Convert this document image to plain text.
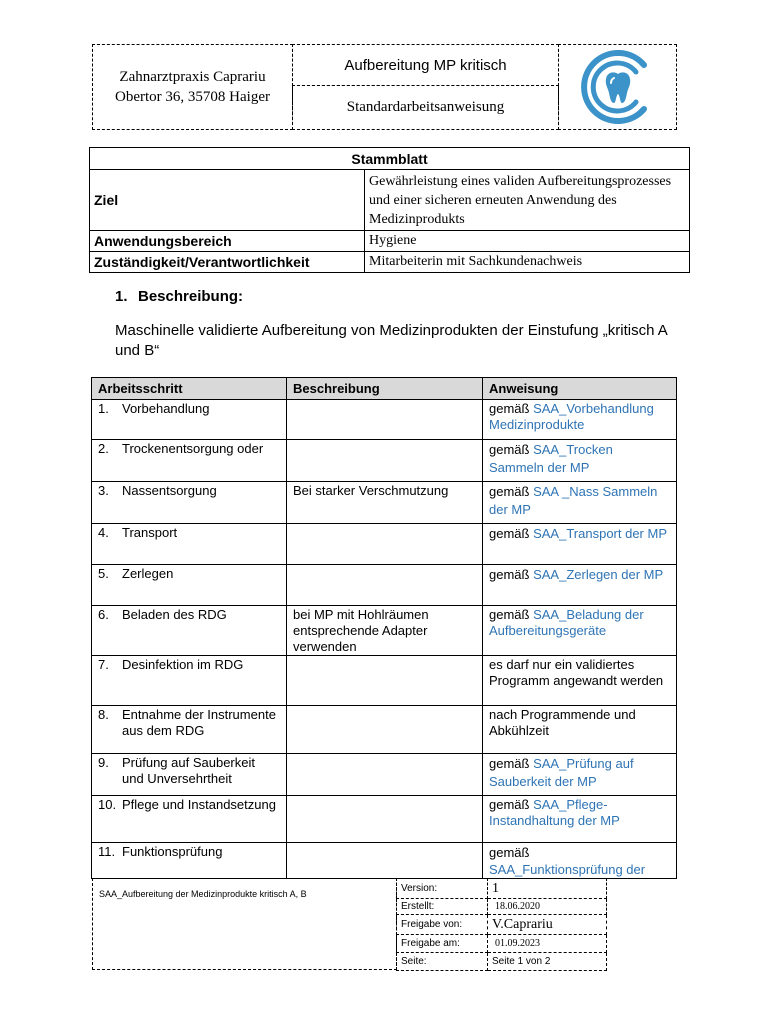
Zahnarztpraxis Caprariu
Obertor 36, 35708 Haiger
Aufbereitung MP kritisch
Standardarbeitsanweisung
Stammblatt	
Ziel	Gewährleistung eines validen Aufbereitungsprozesses und einer sicheren erneuten Anwendung des Medizinprodukts
Anwendungsbereich	Hygiene
Zuständigkeit/Verantwortlichkeit	Mitarbeiterin mit Sachkundenachweis
1. Beschreibung:
Maschinelle validierte Aufbereitung von Medizinprodukten der Einstufung „kritisch A und B“
Arbeitsschritt	Beschreibung	Anweisung

1. Vorbehandlung		gemäß SAA_Vorbehandlung Medizinprodukte

2. Trockenentsorgung oder		gemäß SAA_Trocken Sammeln der MP

3. Nassentsorgung	Bei starker Verschmutzung	gemäß SAA _Nass Sammeln der MP

4. Transport		gemäß SAA_Transport der MP

5. Zerlegen		gemäß SAA_Zerlegen der MP

6. Beladen des RDG	bei MP mit Hohlräumen entsprechende Adapter verwenden	gemäß SAA_Beladung der Aufbereitungsgeräte

7. Desinfektion im RDG		es darf nur ein validiertes Programm angewandt werden

8. Entnahme der Instrumente aus dem RDG		nach Programmende und Abkühlzeit

9. Prüfung auf Sauberkeit und Unversehrtheit		gemäß SAA_Prüfung auf Sauberkeit der MP

10. Pflege und Instandsetzung		gemäß SAA_Pflege-Instandhaltung der MP

11. Funktionsprüfung		gemäß
SAA_Funktionsprüfung der
SAA_Aufbereitung der Medizinprodukte kritisch A, B	Version:	1
Erstellt:	18.06.2020
Freigabe von:	V.Caprariu
Freigabe am:	01.09.2023
Seite:	Seite 1 von 2
